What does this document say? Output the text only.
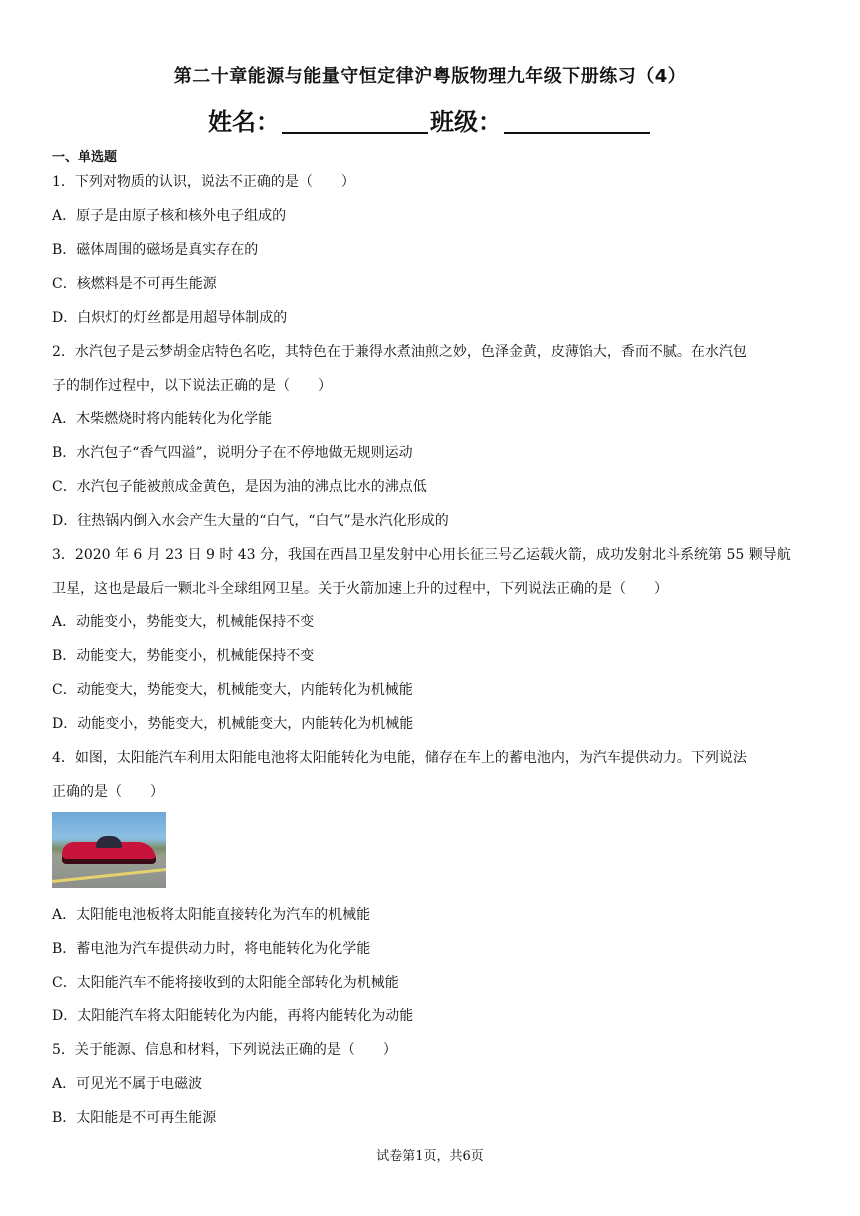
第二十章能源与能量守恒定律沪粤版物理九年级下册练习（4）
姓名：	班级：
一、单选题
1．下列对物质的认识，说法不正确的是（　　）
A．原子是由原子核和核外电子组成的
B．磁体周围的磁场是真实存在的
C．核燃料是不可再生能源
D．白炽灯的灯丝都是用超导体制成的
2．水汽包子是云梦胡金店特色名吃，其特色在于兼得水煮油煎之妙，色泽金黄，皮薄馅大，香而不腻。在水汽包
子的制作过程中，以下说法正确的是（　　）
A．木柴燃烧时将内能转化为化学能
B．水汽包子“香气四溢”，说明分子在不停地做无规则运动
C．水汽包子能被煎成金黄色，是因为油的沸点比水的沸点低
D．往热锅内倒入水会产生大量的“白气，“白气”是水汽化形成的
3．2020 年 6 月 23 日 9 时 43 分，我国在西昌卫星发射中心用长征三号乙运载火箭，成功发射北斗系统第 55 颗导航
卫星，这也是最后一颗北斗全球组网卫星。关于火箭加速上升的过程中，下列说法正确的是（　　）
A．动能变小，势能变大，机械能保持不变
B．动能变大，势能变小，机械能保持不变
C．动能变大，势能变大，机械能变大，内能转化为机械能
D．动能变小，势能变大，机械能变大，内能转化为机械能
4．如图，太阳能汽车利用太阳能电池将太阳能转化为电能，储存在车上的蓄电池内，为汽车提供动力。下列说法
正确的是（　　）
A．太阳能电池板将太阳能直接转化为汽车的机械能
B．蓄电池为汽车提供动力时，将电能转化为化学能
C．太阳能汽车不能将接收到的太阳能全部转化为机械能
D．太阳能汽车将太阳能转化为内能，再将内能转化为动能
5．关于能源、信息和材料，下列说法正确的是（　　）
A．可见光不属于电磁波
B．太阳能是不可再生能源
试卷第1页，共6页
